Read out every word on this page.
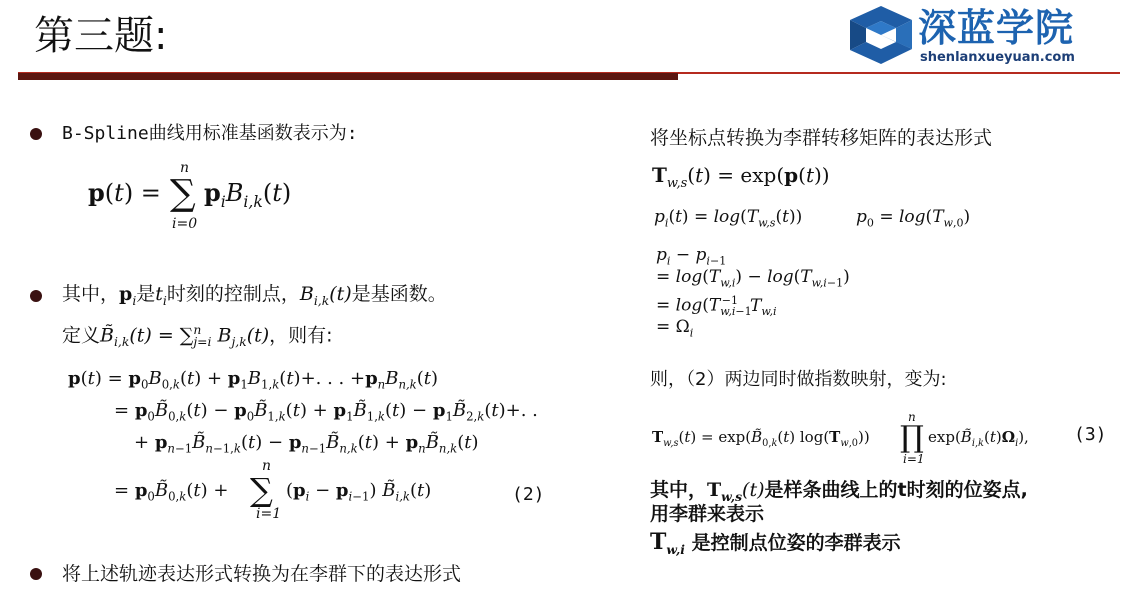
第三题:	深蓝学院
shenlanxueyuan.com
B-Spline曲线用标准基函数表示为:
p(t) = ∑
n
i=0
$p_iB_{i,k}(t)$
其中，$p_i$是$t_i$时刻的控制点，$B_{i,k}(t)$是基函数。
定义$B̃_{i,k}(t) = \sum^n_{j=i}$ $B_{j,k}(t)$，则有:
$p(t) = p_0B_{0,k}(t) + p_1B_{1,k}(t)+$. . . $+p_nB_{n,k}(t)$
= $p_0B̃_{0,k}(t)$ − $p_0B̃_{1,k}(t)$ + $p_1B̃_{1,k}(t)$ − $p_1B̃_{2,k}(t)+$. .
+ $p_{n-1}B̃_{n-1,k}(t)$ − $p_{n-1}B̃_{n,k}(t)$ + $p_nB̃_{n,k}(t)$
= $p_0B̃_{0,k}(t)$ + ∑
n
i=1
$(p_i - p_{i-1})$ $B̃_{i,k}(t)$	(2)
将上述轨迹表达形式转换为在李群下的表达形式
将坐标点转换为李群转移矩阵的表达形式
$T_{w,s}(t) = \exp(p(t))$
$p_i(t) = \log(T_{w,s}(t))$	$p_0 = \log(T_{w,0})$
$p_i - p_{i-1}$
= $\log(T_{w,i}) - \log(T_{w,i-1})$
= $\log(T_{w,i-1}^{-1}$ $T_{w,i}$
= $\Omega_i$
则，（2）两边同时做指数映射，变为:
$T_{w,s}(t)$ = $\exp(B̃_{0,k}(t)$ $\log(T_{w,0})$) ∏
n
i=1
$\exp(B̃_{i,k}(t)\Omega_i)$,	(3)
其中，$T_{w,s}(t)$是样条曲线上的t时刻的位姿点,
用李群来表示
$T_{w,i}$ 是控制点位姿的李群表示
